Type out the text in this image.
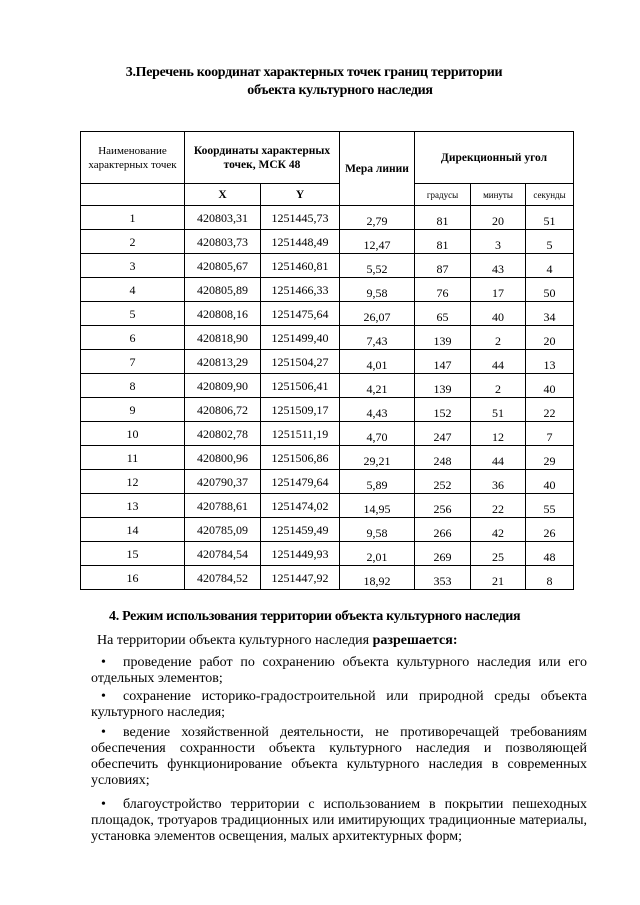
3.Перечень координат характерных точек границ территории
объекта культурного наследия
Наименование характерных точек	Координаты характерных точек, МСК 48		Мера линии	Дирекционный угол		
	X	Y		градусы	минуты	секунды

1	420803,31	1251445,73	2,79	81	20	51
2	420803,73	1251448,49	12,47	81	3	5
3	420805,67	1251460,81	5,52	87	43	4
4	420805,89	1251466,33	9,58	76	17	50
5	420808,16	1251475,64	26,07	65	40	34
6	420818,90	1251499,40	7,43	139	2	20
7	420813,29	1251504,27	4,01	147	44	13
8	420809,90	1251506,41	4,21	139	2	40
9	420806,72	1251509,17	4,43	152	51	22
10	420802,78	1251511,19	4,70	247	12	7
11	420800,96	1251506,86	29,21	248	44	29
12	420790,37	1251479,64	5,89	252	36	40
13	420788,61	1251474,02	14,95	256	22	55
14	420785,09	1251459,49	9,58	266	42	26
15	420784,54	1251449,93	2,01	269	25	48
16	420784,52	1251447,92	18,92	353	21	8
4. Режим использования территории объекта культурного наследия
На территории объекта культурного наследия разрешается:
• проведение работ по сохранению объекта культурного наследия или его отдельных элементов;
• сохранение историко-градостроительной или природной среды объекта культурного наследия;
• ведение хозяйственной деятельности, не противоречащей требованиям обеспечения сохранности объекта культурного наследия и позволяющей обеспечить функционирование объекта культурного наследия в современных условиях;
• благоустройство территории с использованием в покрытии пешеходных площадок, тротуаров традиционных или имитирующих традиционные материалы, установка элементов освещения, малых архитектурных форм;
